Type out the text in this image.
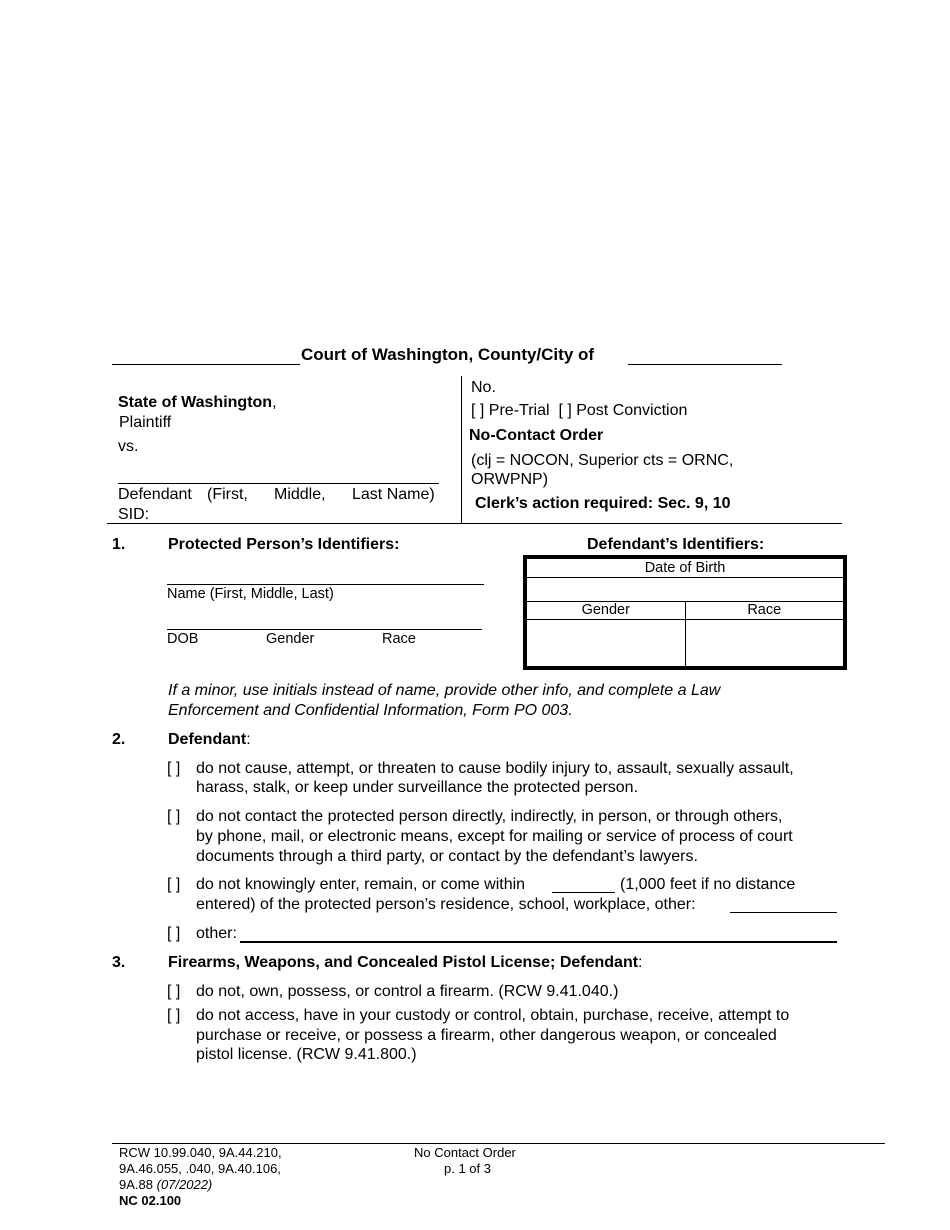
Court of Washington, County/City of
State of Washington,
Plaintiff
vs.
Defendant (First, Middle, Last Name)
SID:
No.
[ ] Pre-Trial [ ] Post Conviction
No-Contact Order
(clj = NOCON, Superior cts = ORNC,
ORWPNP)
Clerk’s action required: Sec. 9, 10
1.	Protected Person’s Identifiers:
Name (First, Middle, Last)
DOB	Gender	Race
Defendant’s Identifiers:
Date of Birth	

Gender	Race

If a minor, use initials instead of name, provide other info, and complete a Law
Enforcement and Confidential Information, Form PO 003.
2.	Defendant:
[ ] do not cause, attempt, or threaten to cause bodily injury to, assault, sexually assault,
harass, stalk, or keep under surveillance the protected person.
[ ] do not contact the protected person directly, indirectly, in person, or through others,
by phone, mail, or electronic means, except for mailing or service of process of court
documents through a third party, or contact by the defendant’s lawyers.
[ ] do not knowingly enter, remain, or come within	(1,000 feet if no distance
entered) of the protected person’s residence, school, workplace, other:
[ ] other:
3.	Firearms, Weapons, and Concealed Pistol License; Defendant:
[ ] do not, own, possess, or control a firearm. (RCW 9.41.040.)
[ ] do not access, have in your custody or control, obtain, purchase, receive, attempt to
purchase or receive, or possess a firearm, other dangerous weapon, or concealed
pistol license. (RCW 9.41.800.)
RCW 10.99.040, 9A.44.210,
9A.46.055, .040, 9A.40.106,
9A.88 (07/2022)
NC 02.100
No Contact Order
p. 1 of 3
